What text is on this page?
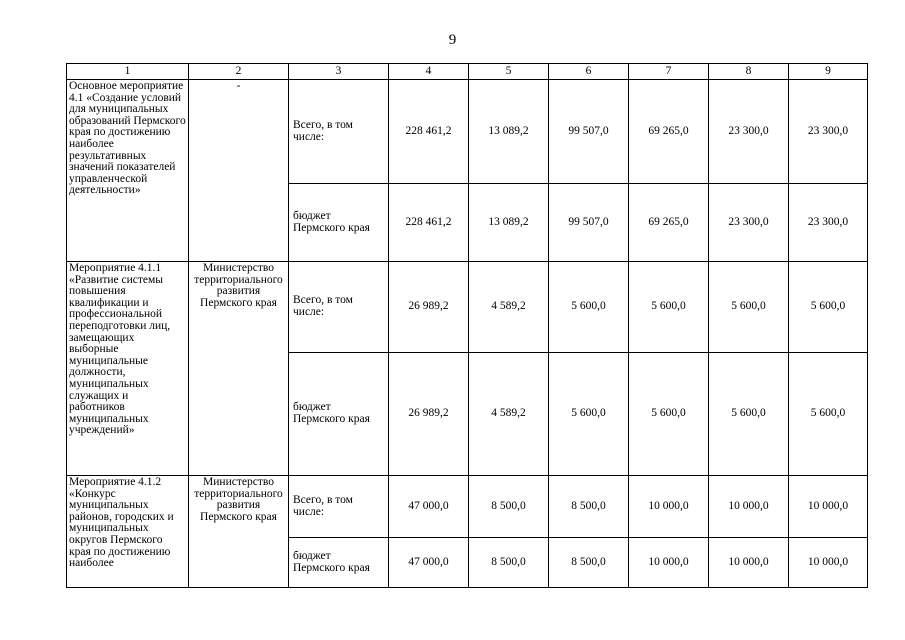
9
1	2	3	4	5	6	7	8	9
Основное мероприятие 4.1 «Создание условий для муниципальных образований Пермского края по достижению наиболее результативных значений показателей управленческой деятельности»	-	Всего, в том числе:	228 461,2	13 089,2	99 507,0	69 265,0	23 300,0	23 300,0
		бюджет Пермского края	228 461,2	13 089,2	99 507,0	69 265,0	23 300,0	23 300,0
Мероприятие 4.1.1 «Развитие системы повышения квалификации и профессиональной переподготовки лиц, замещающих выборные муниципальные должности, муниципальных служащих и работников муниципальных учреждений»	Министерство территориального развития Пермского края	Всего, в том числе:	26 989,2	4 589,2	5 600,0	5 600,0	5 600,0	5 600,0
		бюджет Пермского края	26 989,2	4 589,2	5 600,0	5 600,0	5 600,0	5 600,0
Мероприятие 4.1.2 «Конкурс муниципальных районов, городских и муниципальных округов Пермского края по достижению наиболее	Министерство территориального развития Пермского края	Всего, в том числе:	47 000,0	8 500,0	8 500,0	10 000,0	10 000,0	10 000,0
		бюджет Пермского края	47 000,0	8 500,0	8 500,0	10 000,0	10 000,0	10 000,0
